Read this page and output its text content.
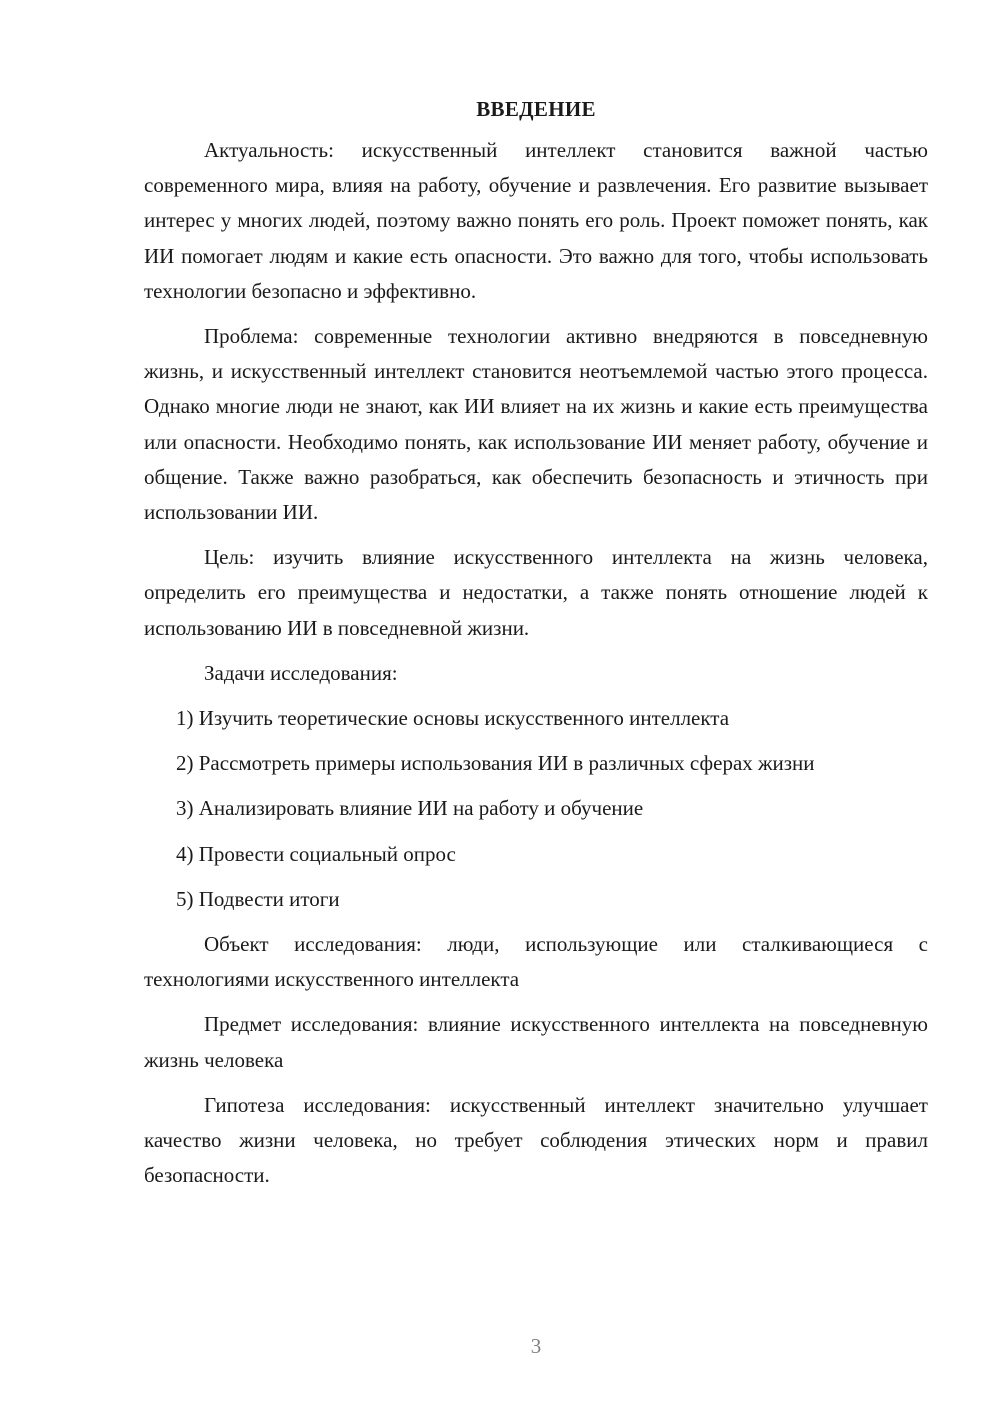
ВВЕДЕНИЕ

Актуальность: искусственный интеллект становится важной частью современного мира, влияя на работу, обучение и развлечения. Его развитие вызывает интерес у многих людей, поэтому важно понять его роль. Проект поможет понять, как ИИ помогает людям и какие есть опасности. Это важно для того, чтобы использовать технологии безопасно и эффективно.

Проблема: современные технологии активно внедряются в повседневную жизнь, и искусственный интеллект становится неотъемлемой частью этого процесса. Однако многие люди не знают, как ИИ влияет на их жизнь и какие есть преимущества или опасности. Необходимо понять, как использование ИИ меняет работу, обучение и общение. Также важно разобраться, как обеспечить безопасность и этичность при использовании ИИ.

Цель: изучить влияние искусственного интеллекта на жизнь человека, определить его преимущества и недостатки, а также понять отношение людей к использованию ИИ в повседневной жизни.

Задачи исследования:

1) Изучить теоретические основы искусственного интеллекта

2) Рассмотреть примеры использования ИИ в различных сферах жизни

3) Анализировать влияние ИИ на работу и обучение

4) Провести социальный опрос

5) Подвести итоги

Объект исследования: люди, использующие или сталкивающиеся с технологиями искусственного интеллекта

Предмет исследования: влияние искусственного интеллекта на повседневную жизнь человека

Гипотеза исследования: искусственный интеллект значительно улучшает качество жизни человека, но требует соблюдения этических норм и правил безопасности.

3
